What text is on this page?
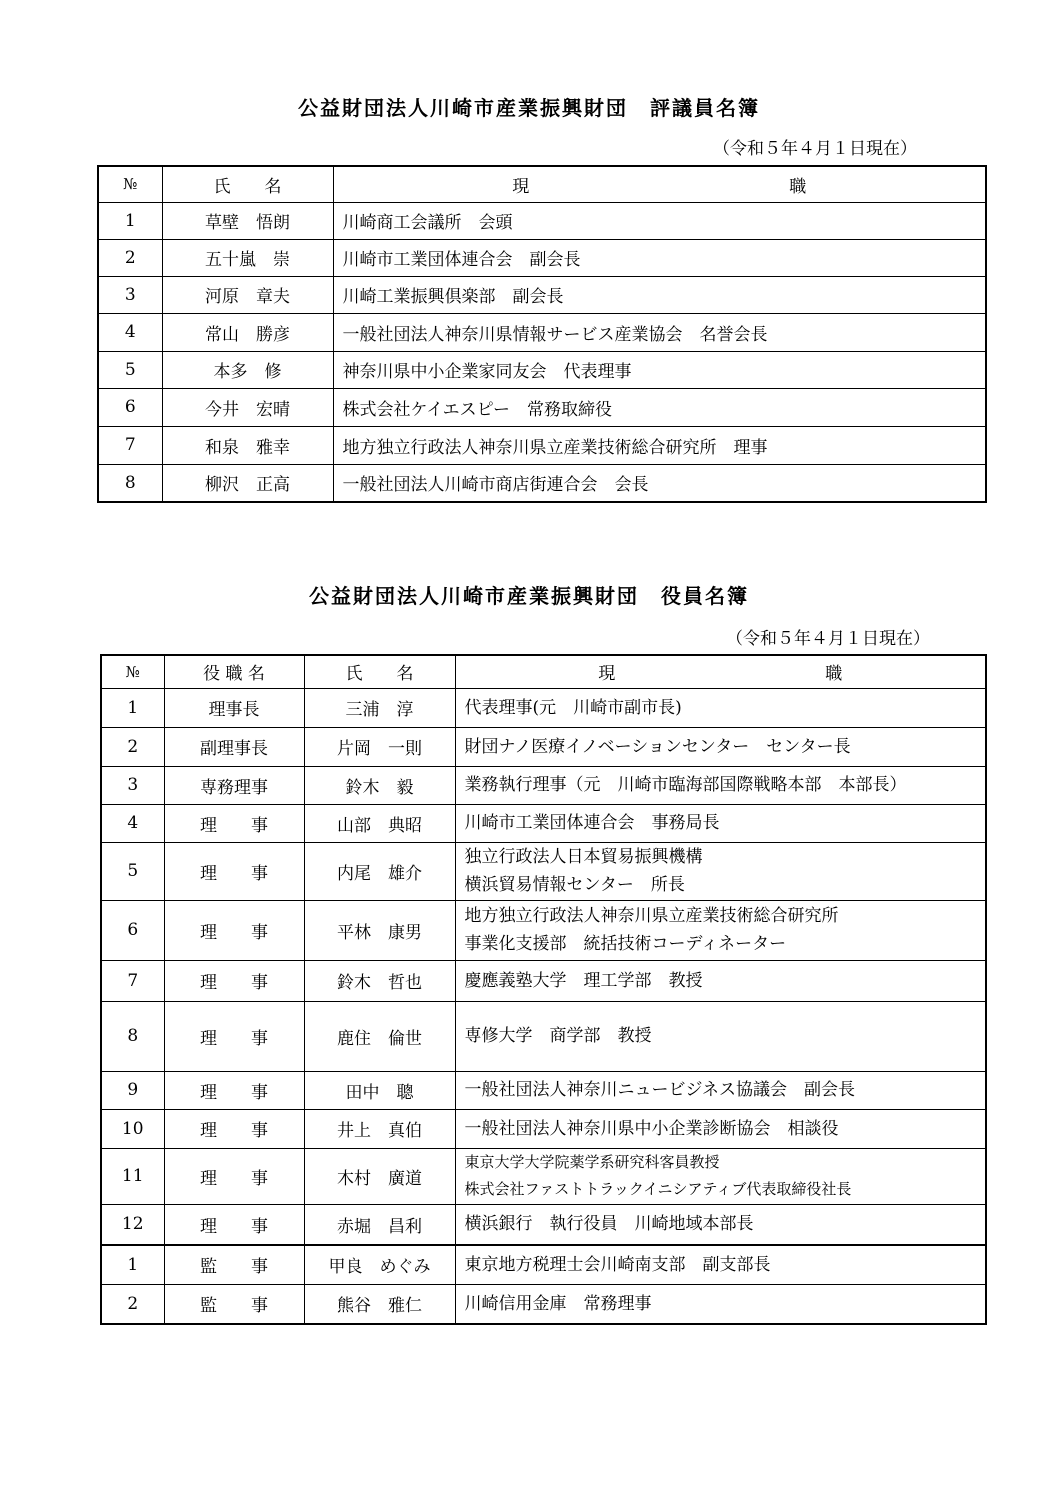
公益財団法人川崎市産業振興財団　評議員名簿
（令和５年４月１日現在）
№	氏　　名	現 職
1	草壁　悟朗	川崎商工会議所　会頭
2	五十嵐　崇	川崎市工業団体連合会　副会長
3	河原　章夫	川崎工業振興倶楽部　副会長
4	常山　勝彦	一般社団法人神奈川県情報サービス産業協会　名誉会長
5	本多　修	神奈川県中小企業家同友会　代表理事
6	今井　宏晴	株式会社ケイエスピー　常務取締役
7	和泉　雅幸	地方独立行政法人神奈川県立産業技術総合研究所　理事
8	柳沢　正高	一般社団法人川崎市商店街連合会　会長
公益財団法人川崎市産業振興財団　役員名簿
（令和５年４月１日現在）
№	役 職 名	氏　　名	現 職
1	理事長	三浦　淳	代表理事(元　川崎市副市長)

2	副理事長	片岡　一則	財団ナノ医療イノベーションセンター　センター長

3	専務理事	鈴木　毅	業務執行理事（元　川崎市臨海部国際戦略本部　本部長）

4	理　　事	山部　典昭	川崎市工業団体連合会　事務局長

5	理　　事	内尾　雄介	独立行政法人日本貿易振興機構
横浜貿易情報センター　所長

6	理　　事	平林　康男	地方独立行政法人神奈川県立産業技術総合研究所
事業化支援部　統括技術コーディネーター

7	理　　事	鈴木　哲也	慶應義塾大学　理工学部　教授

8	理　　事	鹿住　倫世	専修大学　商学部　教授

9	理　　事	田中　聰	一般社団法人神奈川ニュービジネス協議会　副会長

10	理　　事	井上　真伯	一般社団法人神奈川県中小企業診断協会　相談役

11	理　　事	木村　廣道	東京大学大学院薬学系研究科客員教授
株式会社ファストトラックイニシアティブ代表取締役社長

12	理　　事	赤堀　昌利	横浜銀行　執行役員　川崎地域本部長

1	監　　事	甲良　めぐみ	東京地方税理士会川崎南支部　副支部長

2	監　　事	熊谷　雅仁	川崎信用金庫　常務理事
